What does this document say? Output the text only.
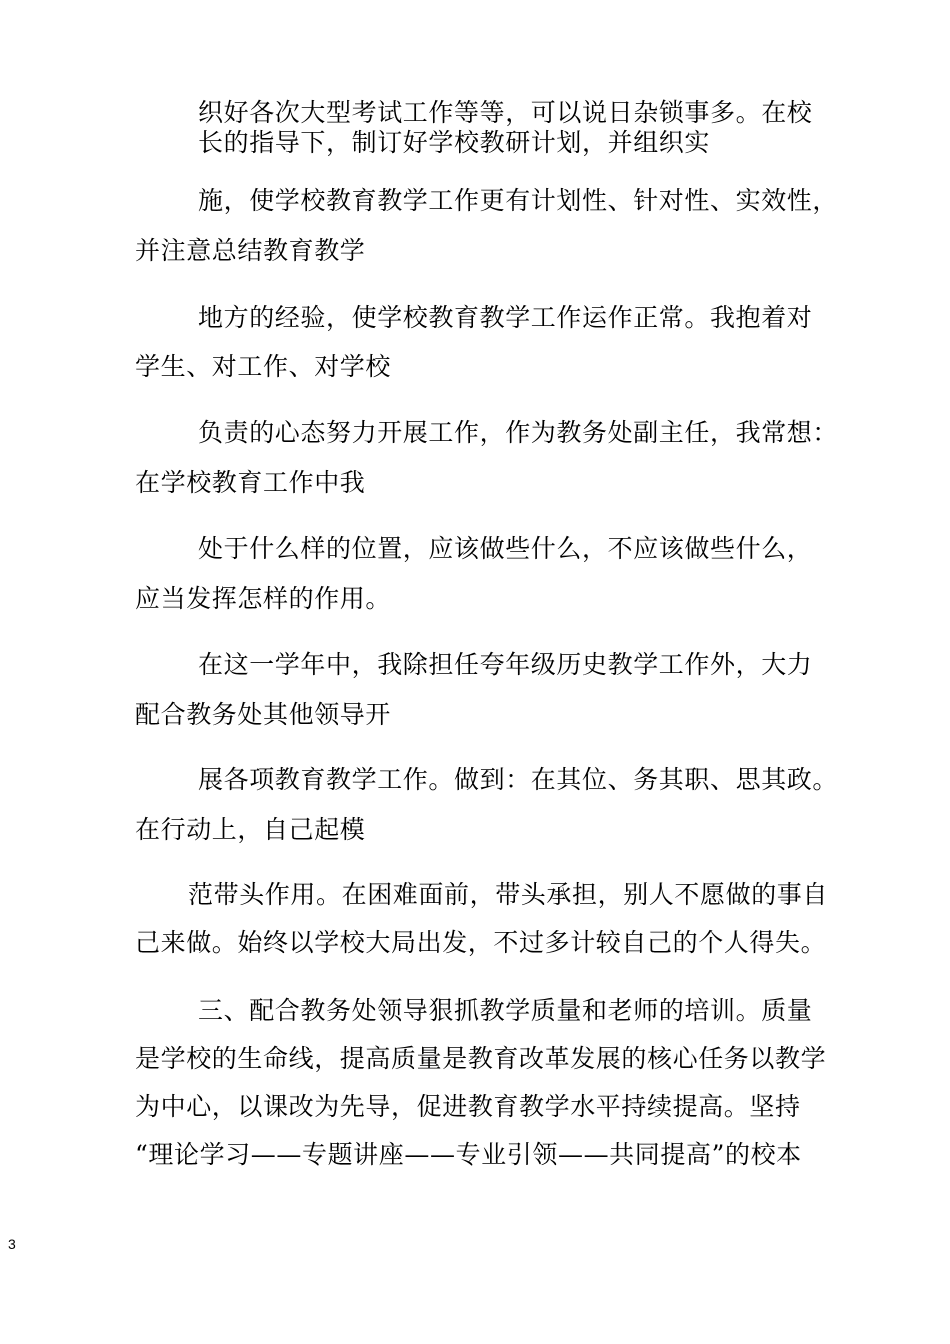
织好各次大型考试工作等等，可以说日杂锁事多。在校
长的指导下，制订好学校教研计划，并组织实
施，使学校教育教学工作更有计划性、针对性、实效性，
并注意总结教育教学
地方的经验，使学校教育教学工作运作正常。我抱着对
学生、对工作、对学校
负责的心态努力开展工作，作为教务处副主任，我常想：
在学校教育工作中我
处于什么样的位置，应该做些什么，不应该做些什么，
应当发挥怎样的作用。
在这一学年中，我除担任夸年级历史教学工作外，大力
配合教务处其他领导开
展各项教育教学工作。做到：在其位、务其职、思其政。
在行动上，自己起模
范带头作用。在困难面前，带头承担，别人不愿做的事自
己来做。始终以学校大局出发，不过多计较自己的个人得失。
三、配合教务处领导狠抓教学质量和老师的培训。质量
是学校的生命线，提高质量是教育改革发展的核心任务以教学
为中心，以课改为先导，促进教育教学水平持续提高。坚持
“理论学习——专题讲座——专业引领——共同提高”的校本
3
